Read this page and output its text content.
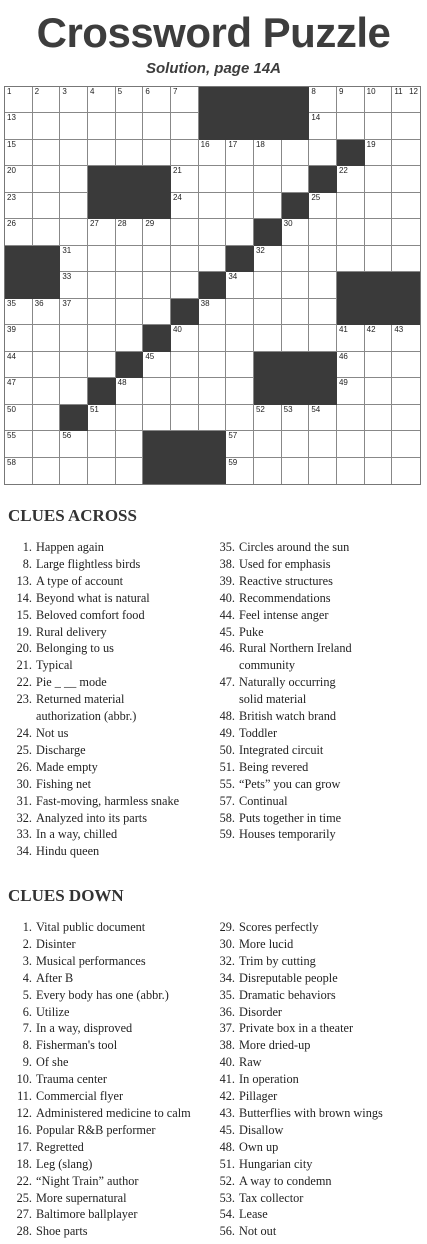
Crossword Puzzle
Solution, page 14A
1	2	3	4	5	6	7	8	9	10 11 12
13	14
15	16 17 18	19
20	21	22
23	24	25
26	27 28 29	30
31	32
33	34
35 36 37	38
39	40	41 42 43
44	45	46
47	48	49
50	51	52 53 54
55	56	57
58	59
CLUES ACROSS
1. Happen again
8. Large flightless birds
13. A type of account
14. Beyond what is natural
15. Beloved comfort food
19. Rural delivery
20. Belonging to us
21. Typical
22. Pie _ __ mode
23. Returned material
authorization (abbr.)
24. Not us
25. Discharge
26. Made empty
30. Fishing net
31. Fast-moving, harmless snake
32. Analyzed into its parts
33. In a way, chilled
34. Hindu queen
35. Circles around the sun
38. Used for emphasis
39. Reactive structures
40. Recommendations
44. Feel intense anger
45. Puke
46. Rural Northern Ireland
community
47. Naturally occurring
solid material
48. British watch brand
49. Toddler
50. Integrated circuit
51. Being revered
55. “Pets” you can grow
57. Continual
58. Puts together in time
59. Houses temporarily
CLUES DOWN
1. Vital public document
2. Disinter
3. Musical performances
4. After B
5. Every body has one (abbr.)
6. Utilize
7. In a way, disproved
8. Fisherman's tool
9. Of she
10. Trauma center
11. Commercial flyer
12. Administered medicine to calm
16. Popular R&B performer
17. Regretted
18. Leg (slang)
22. “Night Train” author
25. More supernatural
27. Baltimore ballplayer
28. Shoe parts
29. Scores perfectly
30. More lucid
32. Trim by cutting
34. Disreputable people
35. Dramatic behaviors
36. Disorder
37. Private box in a theater
38. More dried-up
40. Raw
41. In operation
42. Pillager
43. Butterflies with brown wings
45. Disallow
48. Own up
51. Hungarian city
52. A way to condemn
53. Tax collector
54. Lease
56. Not out
